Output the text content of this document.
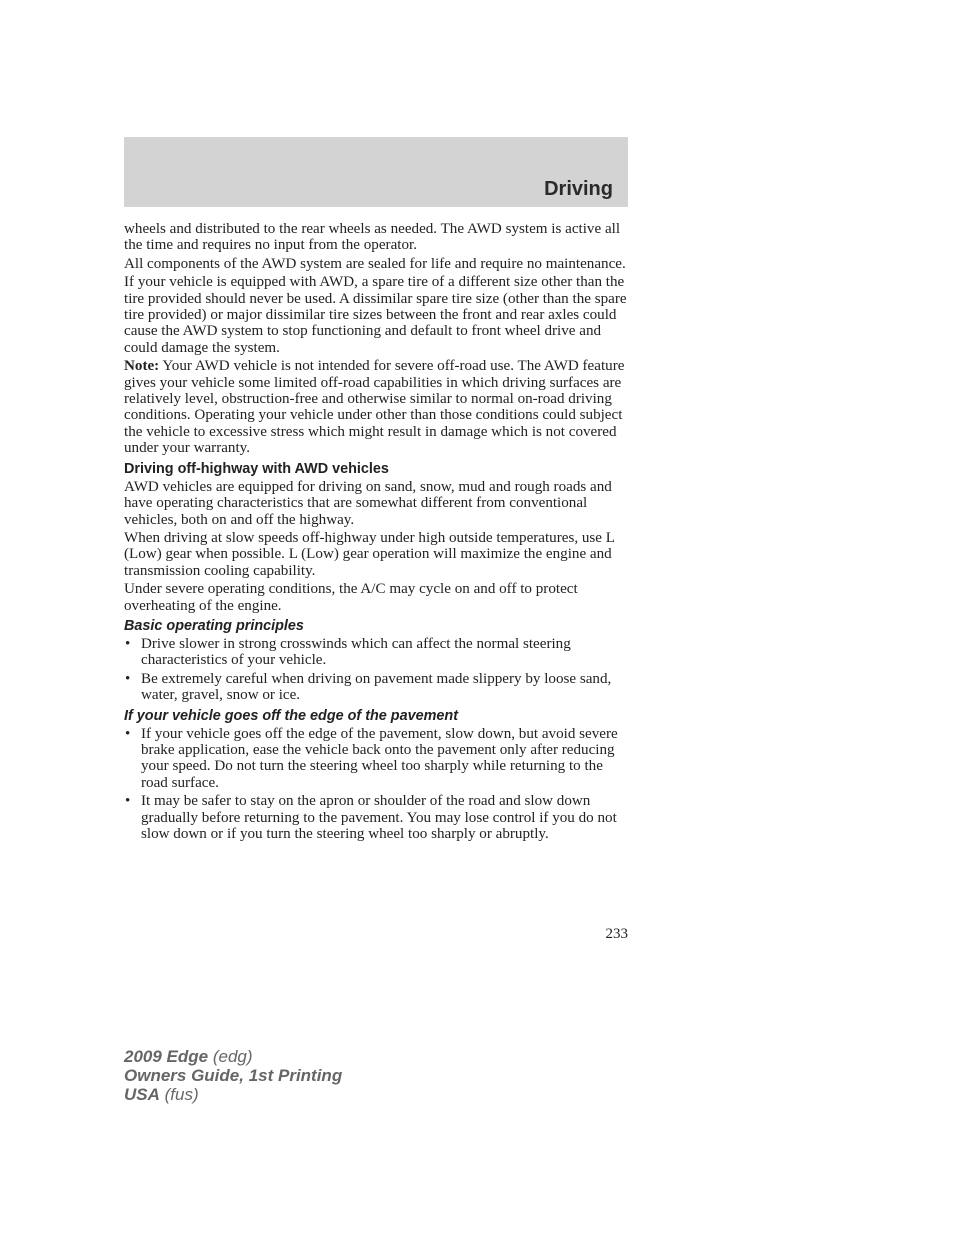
Driving

wheels and distributed to the rear wheels as needed. The AWD system is active all the time and requires no input from the operator.

All components of the AWD system are sealed for life and require no maintenance.

If your vehicle is equipped with AWD, a spare tire of a different size other than the tire provided should never be used. A dissimilar spare tire size (other than the spare tire provided) or major dissimilar tire sizes between the front and rear axles could cause the AWD system to stop functioning and default to front wheel drive and could damage the system.

Note: Your AWD vehicle is not intended for severe off-road use. The AWD feature gives your vehicle some limited off-road capabilities in which driving surfaces are relatively level, obstruction-free and otherwise similar to normal on-road driving conditions. Operating your vehicle under other than those conditions could subject the vehicle to excessive stress which might result in damage which is not covered under your warranty.

Driving off-highway with AWD vehicles

AWD vehicles are equipped for driving on sand, snow, mud and rough roads and have operating characteristics that are somewhat different from conventional vehicles, both on and off the highway.

When driving at slow speeds off-highway under high outside temperatures, use L (Low) gear when possible. L (Low) gear operation will maximize the engine and transmission cooling capability.

Under severe operating conditions, the A/C may cycle on and off to protect overheating of the engine.

Basic operating principles
• Drive slower in strong crosswinds which can affect the normal steering characteristics of your vehicle.
• Be extremely careful when driving on pavement made slippery by loose sand, water, gravel, snow or ice.
If your vehicle goes off the edge of the pavement
• If your vehicle goes off the edge of the pavement, slow down, but avoid severe brake application, ease the vehicle back onto the pavement only after reducing your speed. Do not turn the steering wheel too sharply while returning to the road surface.
• It may be safer to stay on the apron or shoulder of the road and slow down gradually before returning to the pavement. You may lose control if you do not slow down or if you turn the steering wheel too sharply or abruptly.
233
2009 Edge (edg)
Owners Guide, 1st Printing
USA (fus)
